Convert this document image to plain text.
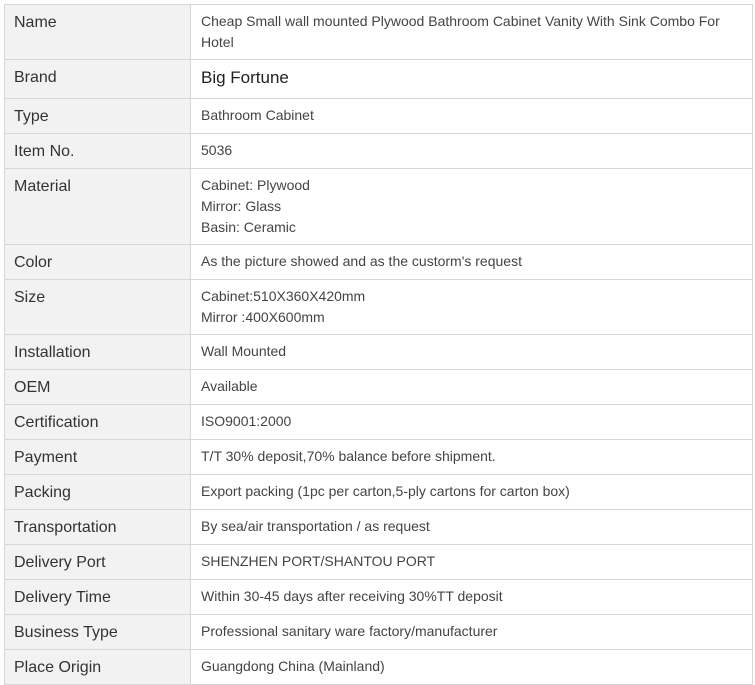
Name	Cheap Small wall mounted Plywood Bathroom Cabinet Vanity With Sink Combo For Hotel

Brand	Big Fortune

Type	Bathroom Cabinet

Item No.	5036

Material	Cabinet: Plywood
Mirror: Glass
Basin: Ceramic

Color	As the picture showed and as the custorm's request

Size	Cabinet:510X360X420mm
Mirror :400X600mm

Installation	Wall Mounted

OEM	Available

Certification	ISO9001:2000

Payment	T/T 30% deposit,70% balance before shipment.

Packing	Export packing (1pc per carton,5-ply cartons for carton box)

Transportation	By sea/air transportation / as request

Delivery Port	SHENZHEN PORT/SHANTOU PORT

Delivery Time	Within 30-45 days after receiving 30%TT deposit

Business Type	Professional sanitary ware factory/manufacturer

Place Origin	Guangdong China (Mainland)
